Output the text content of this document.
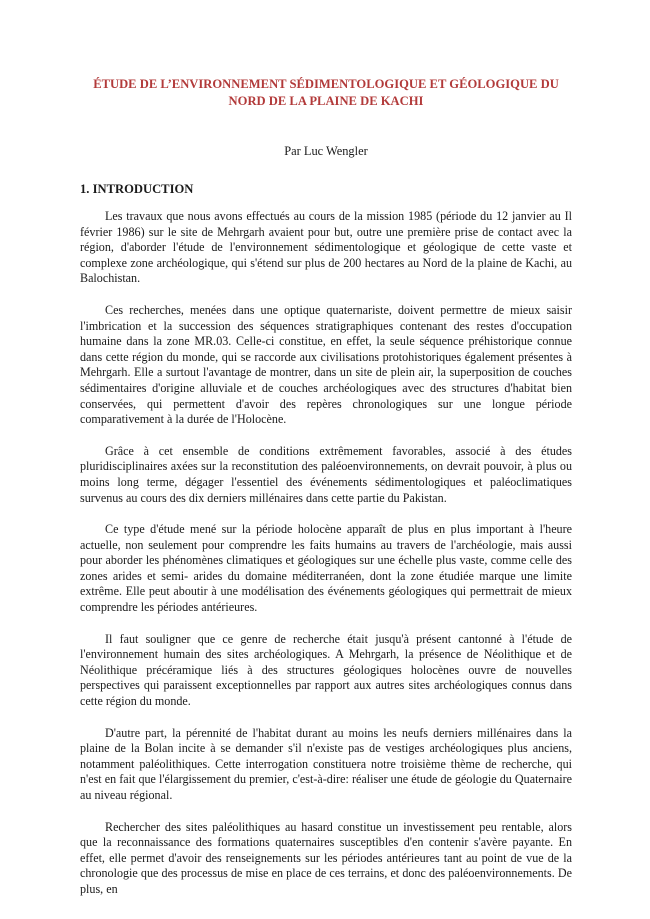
ÉTUDE DE L’ENVIRONNEMENT SÉDIMENTOLOGIQUE ET GÉOLOGIQUE DU
NORD DE LA PLAINE DE KACHI
Par Luc Wengler
1. INTRODUCTION

Les travaux que nous avons effectués au cours de la mission 1985 (période du 12 janvier au Il février 1986) sur le site de Mehrgarh avaient pour but, outre une première prise de contact avec la région, d'aborder l'étude de l'environnement sédimentologique et géologique de cette vaste et complexe zone archéologique, qui s'étend sur plus de 200 hectares au Nord de la plaine de Kachi, au Balochistan.

Ces recherches, menées dans une optique quaternariste, doivent permettre de mieux saisir l'imbrication et la succession des séquences stratigraphiques contenant des restes d'occupation humaine dans la zone MR.03. Celle-ci constitue, en effet, la seule séquence préhistorique connue dans cette région du monde, qui se raccorde aux civilisations protohistoriques également présentes à Mehrgarh. Elle a surtout l'avantage de montrer, dans un site de plein air, la superposition de couches sédimentaires d'origine alluviale et de couches archéologiques avec des structures d'habitat bien conservées, qui permettent d'avoir des repères chronologiques sur une longue période comparativement à la durée de l'Holocène.

Grâce à cet ensemble de conditions extrêmement favorables, associé à des études pluridisciplinaires axées sur la reconstitution des paléoenvironnements, on devrait pouvoir, à plus ou moins long terme, dégager l'essentiel des événements sédimentologiques et paléoclimatiques survenus au cours des dix derniers millénaires dans cette partie du Pakistan.

Ce type d'étude mené sur la période holocène apparaît de plus en plus important à l'heure actuelle, non seulement pour comprendre les faits humains au travers de l'archéologie, mais aussi pour aborder les phénomènes climatiques et géologiques sur une échelle plus vaste, comme celle des zones arides et semi- arides du domaine méditerranéen, dont la zone étudiée marque une limite extrême. Elle peut aboutir à une modélisation des événements géologiques qui permettrait de mieux comprendre les périodes antérieures.

Il faut souligner que ce genre de recherche était jusqu'à présent cantonné à l'étude de l'environnement humain des sites archéologiques. A Mehrgarh, la présence de Néolithique et de Néolithique précéramique liés à des structures géologiques holocènes ouvre de nouvelles perspectives qui paraissent exceptionnelles par rapport aux autres sites archéologiques connus dans cette région du monde.

D'autre part, la pérennité de l'habitat durant au moins les neufs derniers millénaires dans la plaine de la Bolan incite à se demander s'il n'existe pas de vestiges archéologiques plus anciens, notamment paléolithiques. Cette interrogation constituera notre troisième thème de recherche, qui n'est en fait que l'élargissement du premier, c'est-à-dire: réaliser une étude de géologie du Quaternaire au niveau régional.

Rechercher des sites paléolithiques au hasard constitue un investissement peu rentable, alors que la reconnaissance des formations quaternaires susceptibles d'en contenir s'avère payante. En effet, elle permet d'avoir des renseignements sur les périodes antérieures tant au point de vue de la chronologie que des processus de mise en place de ces terrains, et donc des paléoenvironnements. De plus, en
